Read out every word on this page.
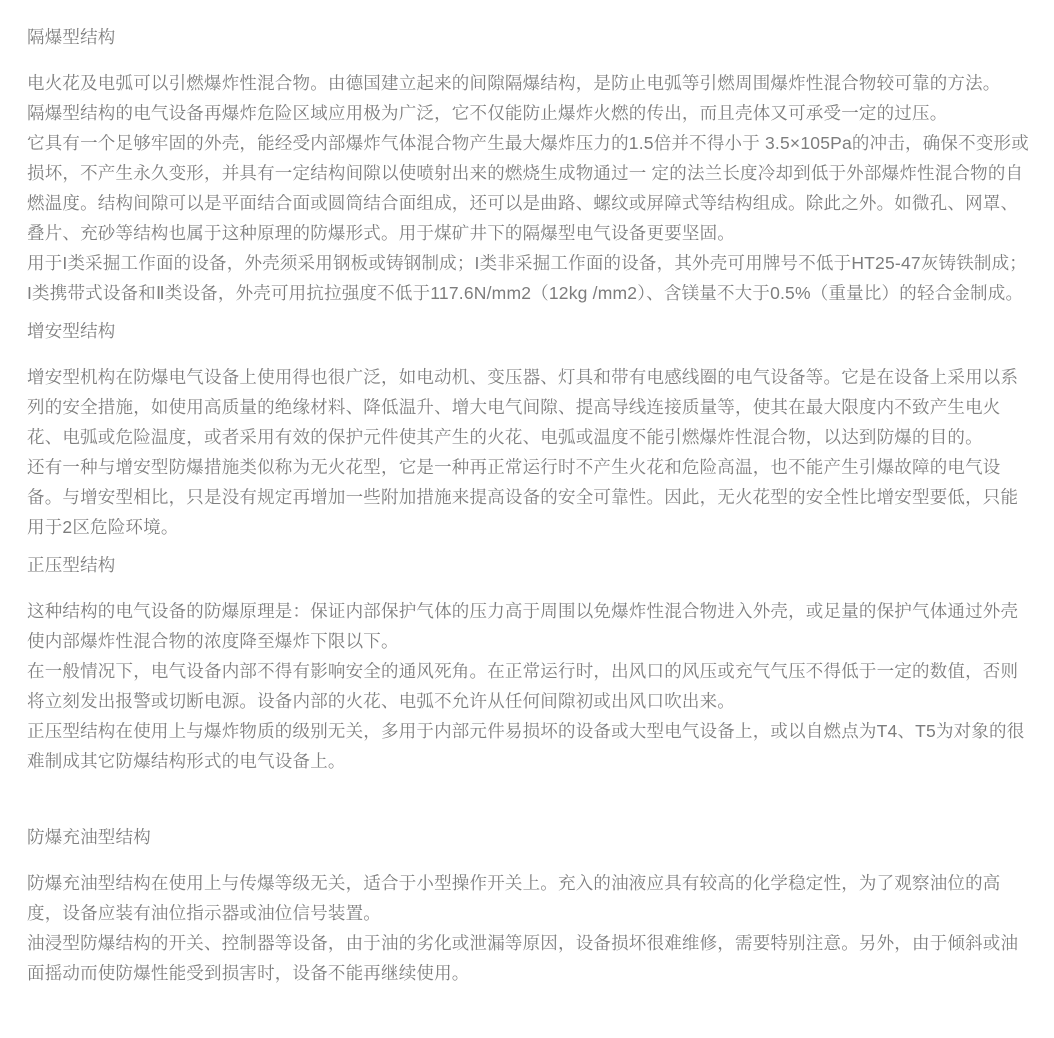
隔爆型结构

电火花及电弧可以引燃爆炸性混合物。由德国建立起来的间隙隔爆结构，是防止电弧等引燃周围爆炸性混合物较可靠的方法。

隔爆型结构的电气设备再爆炸危险区域应用极为广泛，它不仅能防止爆炸火燃的传出，而且壳体又可承受一定的过压。

它具有一个足够牢固的外壳，能经受内部爆炸气体混合物产生最大爆炸压力的1.5倍并不得小于 3.5×105Pa的冲击，确保不变形或损坏，不产生永久变形，并具有一定结构间隙以使喷射出来的燃烧生成物通过一 定的法兰长度冷却到低于外部爆炸性混合物的自燃温度。结构间隙可以是平面结合面或圆筒结合面组成，还可以是曲路、螺纹或屏障式等结构组成。除此之外。如微孔、网罩、叠片、充砂等结构也属于这种原理的防爆形式。用于煤矿井下的隔爆型电气设备更要坚固。

用于I类采掘工作面的设备，外壳须采用钢板或铸钢制成；I类非采掘工作面的设备，其外壳可用牌号不低于HT25-47灰铸铁制成；I类携带式设备和Ⅱ类设备，外壳可用抗拉强度不低于117.6N/mm2（12kg /mm2）、含镁量不大于0.5%（重量比）的轻合金制成。

增安型结构

增安型机构在防爆电气设备上使用得也很广泛，如电动机、变压器、灯具和带有电感线圈的电气设备等。它是在设备上采用以系列的安全措施，如使用高质量的绝缘材料、降低温升、增大电气间隙、提高导线连接质量等，使其在最大限度内不致产生电火花、电弧或危险温度，或者采用有效的保护元件使其产生的火花、电弧或温度不能引燃爆炸性混合物，以达到防爆的目的。

还有一种与增安型防爆措施类似称为无火花型，它是一种再正常运行时不产生火花和危险高温，也不能产生引爆故障的电气设备。与增安型相比，只是没有规定再增加一些附加措施来提高设备的安全可靠性。因此，无火花型的安全性比增安型要低，只能用于2区危险环境。

正压型结构

这种结构的电气设备的防爆原理是：保证内部保护气体的压力高于周围以免爆炸性混合物进入外壳，或足量的保护气体通过外壳使内部爆炸性混合物的浓度降至爆炸下限以下。

在一般情况下，电气设备内部不得有影响安全的通风死角。在正常运行时，出风口的风压或充气气压不得低于一定的数值，否则将立刻发出报警或切断电源。设备内部的火花、电弧不允许从任何间隙初或出风口吹出来。

正压型结构在使用上与爆炸物质的级别无关，多用于内部元件易损坏的设备或大型电气设备上，或以自燃点为T4、T5为对象的很难制成其它防爆结构形式的电气设备上。

防爆充油型结构

防爆充油型结构在使用上与传爆等级无关，适合于小型操作开关上。充入的油液应具有较高的化学稳定性，为了观察油位的高度，设备应装有油位指示器或油位信号装置。

油浸型防爆结构的开关、控制器等设备，由于油的劣化或泄漏等原因，设备损坏很难维修，需要特别注意。另外，由于倾斜或油面摇动而使防爆性能受到损害时，设备不能再继续使用。
